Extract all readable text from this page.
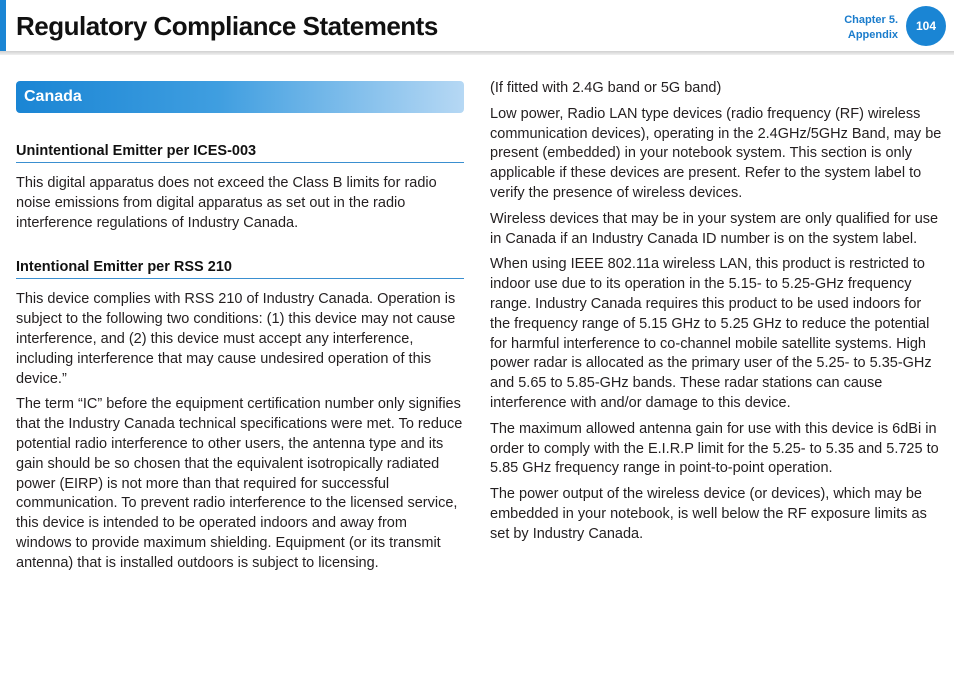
Regulatory Compliance Statements	Chapter 5.
Appendix
104
Canada
Unintentional Emitter per ICES-003

This digital apparatus does not exceed the Class B limits for radio noise emissions from digital apparatus as set out in the radio interference regulations of Industry Canada.

Intentional Emitter per RSS 210

This device complies with RSS 210 of Industry Canada. Operation is subject to the following two conditions: (1) this device may not cause interference, and (2) this device must accept any interference, including interference that may cause undesired operation of this device.”

The term “IC” before the equipment certification number only signifies that the Industry Canada technical specifications were met. To reduce potential radio interference to other users, the antenna type and its gain should be so chosen that the equivalent isotropically radiated power (EIRP) is not more than that required for successful communication. To prevent radio interference to the licensed service, this device is intended to be operated indoors and away from windows to provide maximum shielding. Equipment (or its transmit antenna) that is installed outdoors is subject to licensing.

(If fitted with 2.4G band or 5G band)

Low power, Radio LAN type devices (radio frequency (RF) wireless communication devices), operating in the 2.4GHz/5GHz Band, may be present (embedded) in your notebook system. This section is only applicable if these devices are present. Refer to the system label to verify the presence of wireless devices.

Wireless devices that may be in your system are only qualified for use in Canada if an Industry Canada ID number is on the system label.

When using IEEE 802.11a wireless LAN, this product is restricted to indoor use due to its operation in the 5.15- to 5.25-GHz frequency range. Industry Canada requires this product to be used indoors for the frequency range of 5.15 GHz to 5.25 GHz to reduce the potential for harmful interference to co-channel mobile satellite systems. High power radar is allocated as the primary user of the 5.25- to 5.35-GHz and 5.65 to 5.85-GHz bands. These radar stations can cause interference with and/or damage to this device.

The maximum allowed antenna gain for use with this device is 6dBi in order to comply with the E.I.R.P limit for the 5.25- to 5.35 and 5.725 to 5.85 GHz frequency range in point-to-point operation.

The power output of the wireless device (or devices), which may be embedded in your notebook, is well below the RF exposure limits as set by Industry Canada.
